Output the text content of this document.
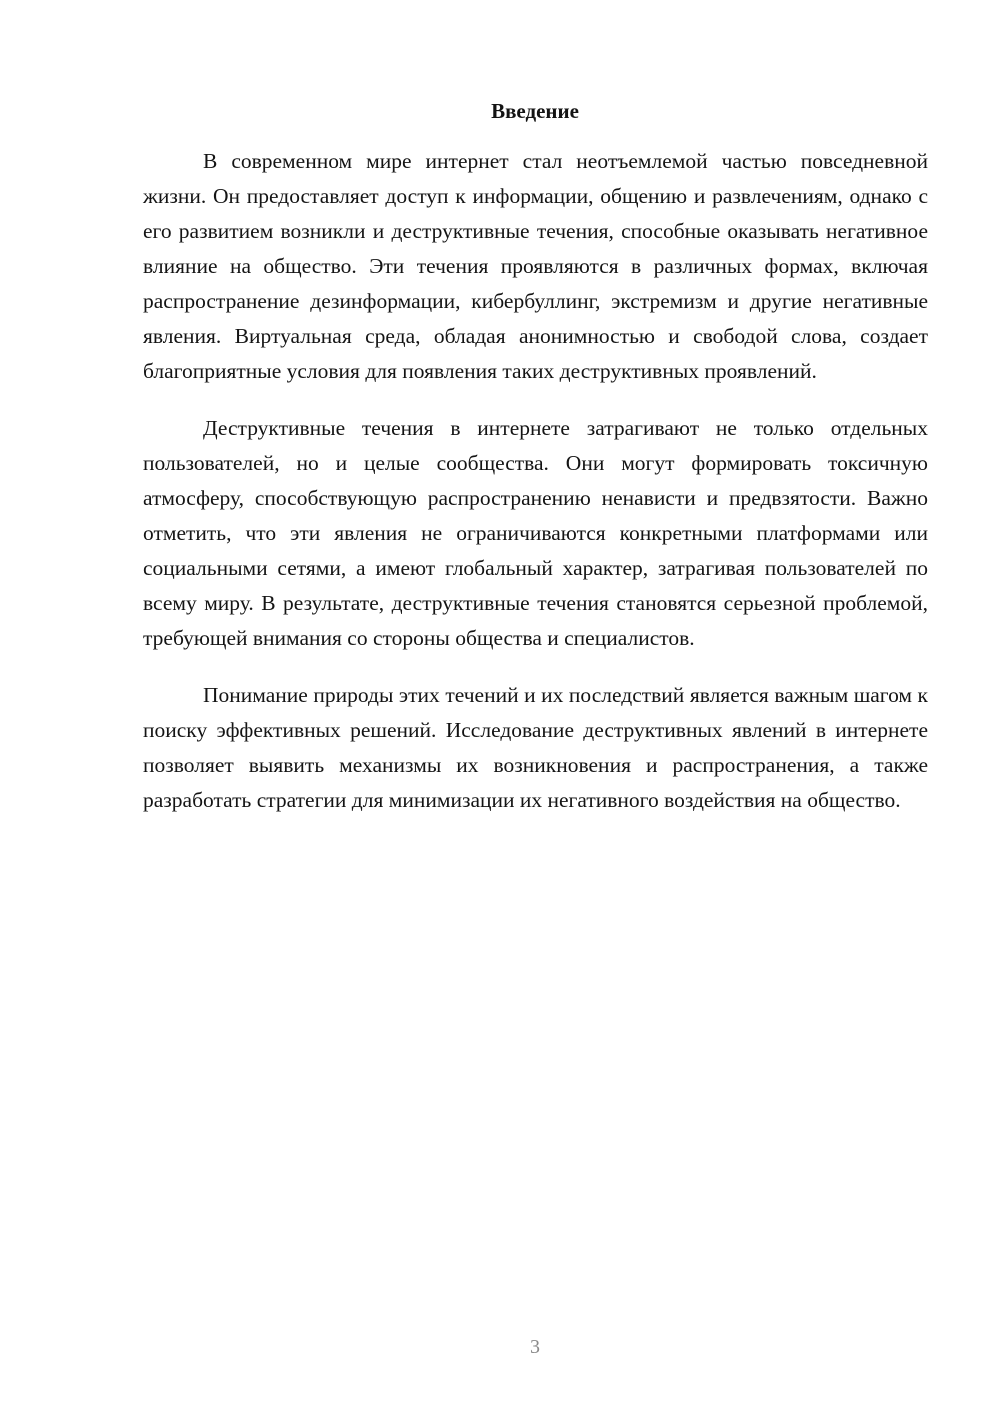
Введение

В современном мире интернет стал неотъемлемой частью повседневной жизни. Он предоставляет доступ к информации, общению и развлечениям, однако с его развитием возникли и деструктивные течения, способные оказывать негативное влияние на общество. Эти течения проявляются в различных формах, включая распространение дезинформации, кибербуллинг, экстремизм и другие негативные явления. Виртуальная среда, обладая анонимностью и свободой слова, создает благоприятные условия для появления таких деструктивных проявлений.

Деструктивные течения в интернете затрагивают не только отдельных пользователей, но и целые сообщества. Они могут формировать токсичную атмосферу, способствующую распространению ненависти и предвзятости. Важно отметить, что эти явления не ограничиваются конкретными платформами или социальными сетями, а имеют глобальный характер, затрагивая пользователей по всему миру. В результате, деструктивные течения становятся серьезной проблемой, требующей внимания со стороны общества и специалистов.

Понимание природы этих течений и их последствий является важным шагом к поиску эффективных решений. Исследование деструктивных явлений в интернете позволяет выявить механизмы их возникновения и распространения, а также разработать стратегии для минимизации их негативного воздействия на общество.

3
